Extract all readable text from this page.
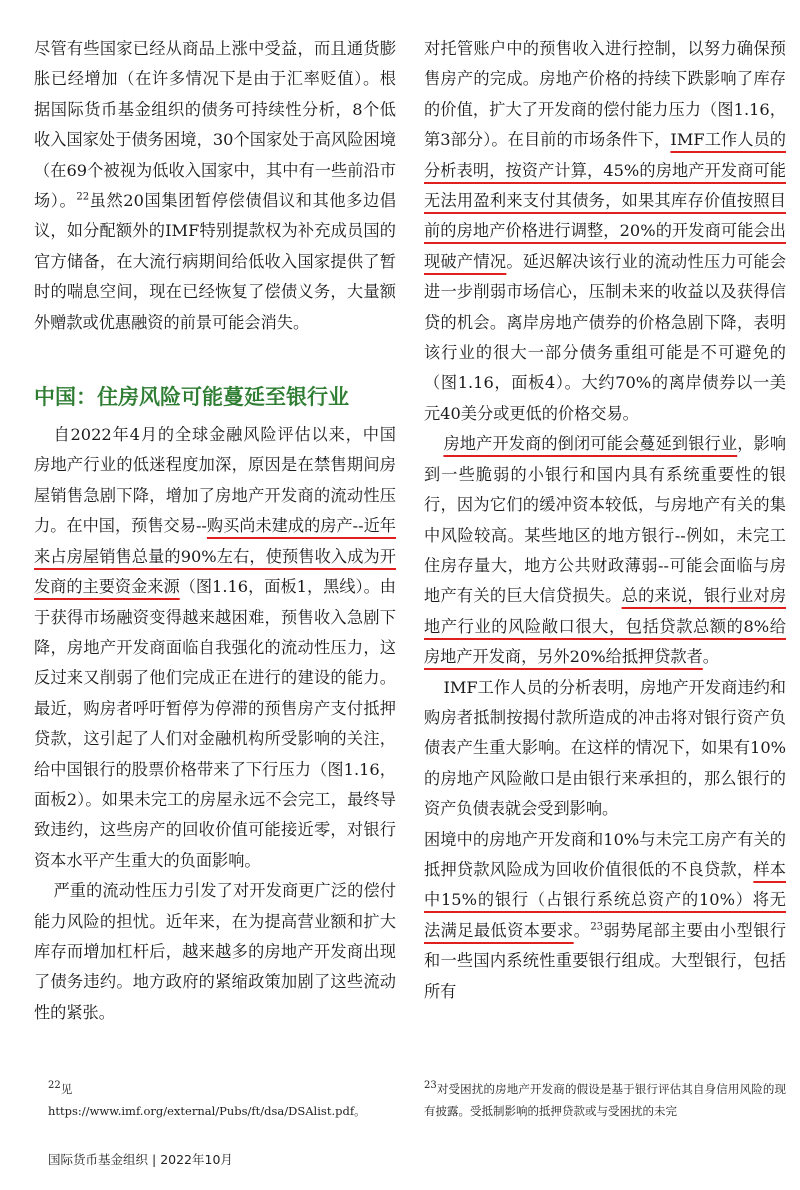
尽管有些国家已经从商品上涨中受益，而且通货膨胀已经增加（在许多情况下是由于汇率贬值）。根据国际货币基金组织的债务可持续性分析，8个低收入国家处于债务困境，30个国家处于高风险困境（在69个被视为低收入国家中，其中有一些前沿市场）。$^{22}$虽然20国集团暂停偿债倡议和其他多边倡议，如分配额外的IMF特别提款权为补充成员国的官方储备，在大流行病期间给低收入国家提供了暂时的喘息空间，现在已经恢复了偿债义务，大量额外赠款或优惠融资的前景可能会消失。

中国：住房风险可能蔓延至银行业

自2022年4月的全球金融风险评估以来，中国房地产行业的低迷程度加深，原因是在禁售期间房屋销售急剧下降，增加了房地产开发商的流动性压力。在中国，预售交易--购买尚未建成的房产--近年来占房屋销售总量的90%左右，使预售收入成为开发商的主要资金来源（图1.16，面板1，黑线）。由于获得市场融资变得越来越困难，预售收入急剧下降，房地产开发商面临自我强化的流动性压力，这反过来又削弱了他们完成正在进行的建设的能力。最近，购房者呼吁暂停为停滞的预售房产支付抵押贷款，这引起了人们对金融机构所受影响的关注，给中国银行的股票价格带来了下行压力（图1.16，面板2）。如果未完工的房屋永远不会完工，最终导致违约，这些房产的回收价值可能接近零，对银行资本水平产生重大的负面影响。

严重的流动性压力引发了对开发商更广泛的偿付能力风险的担忧。近年来，在为提高营业额和扩大库存而增加杠杆后，越来越多的房地产开发商出现了债务违约。地方政府的紧缩政策加剧了这些流动性的紧张。

对托管账户中的预售收入进行控制，以努力确保预售房产的完成。房地产价格的持续下跌影响了库存的价值，扩大了开发商的偿付能力压力（图1.16，第3部分）。在目前的市场条件下，IMF工作人员的分析表明，按资产计算，45%的房地产开发商可能无法用盈利来支付其债务，如果其库存价值按照目前的房地产价格进行调整，20%的开发商可能会出现破产情况。延迟解决该行业的流动性压力可能会进一步削弱市场信心，压制未来的收益以及获得信贷的机会。离岸房地产债券的价格急剧下降，表明该行业的很大一部分债务重组可能是不可避免的（图1.16，面板4）。大约70%的离岸债券以一美元40美分或更低的价格交易。

房地产开发商的倒闭可能会蔓延到银行业，影响到一些脆弱的小银行和国内具有系统重要性的银行，因为它们的缓冲资本较低，与房地产有关的集中风险较高。某些地区的地方银行--例如，未完工住房存量大，地方公共财政薄弱--可能会面临与房地产有关的巨大信贷损失。总的来说，银行业对房地产行业的风险敞口很大，包括贷款总额的8%给房地产开发商，另外20%给抵押贷款者。

IMF工作人员的分析表明，房地产开发商违约和购房者抵制按揭付款所造成的冲击将对银行资产负债表产生重大影响。在这样的情况下，如果有10%的房地产风险敞口是由银行来承担的，那么银行的资产负债表就会受到影响。

困境中的房地产开发商和10%与未完工房产有关的抵押贷款风险成为回收价值很低的不良贷款，样本中15%的银行（占银行系统总资产的10%）将无法满足最低资本要求。$^{23}$弱势尾部主要由小型银行和一些国内系统性重要银行组成。大型银行，包括所有

22见https://www.imf.org/external/Pubs/ft/dsa/DSAlist.pdf。
23对受困扰的房地产开发商的假设是基于银行评估其自身信用风险的现有披露。受抵制影响的抵押贷款或与受困扰的未完
国际货币基金组织 | 2022年10月
